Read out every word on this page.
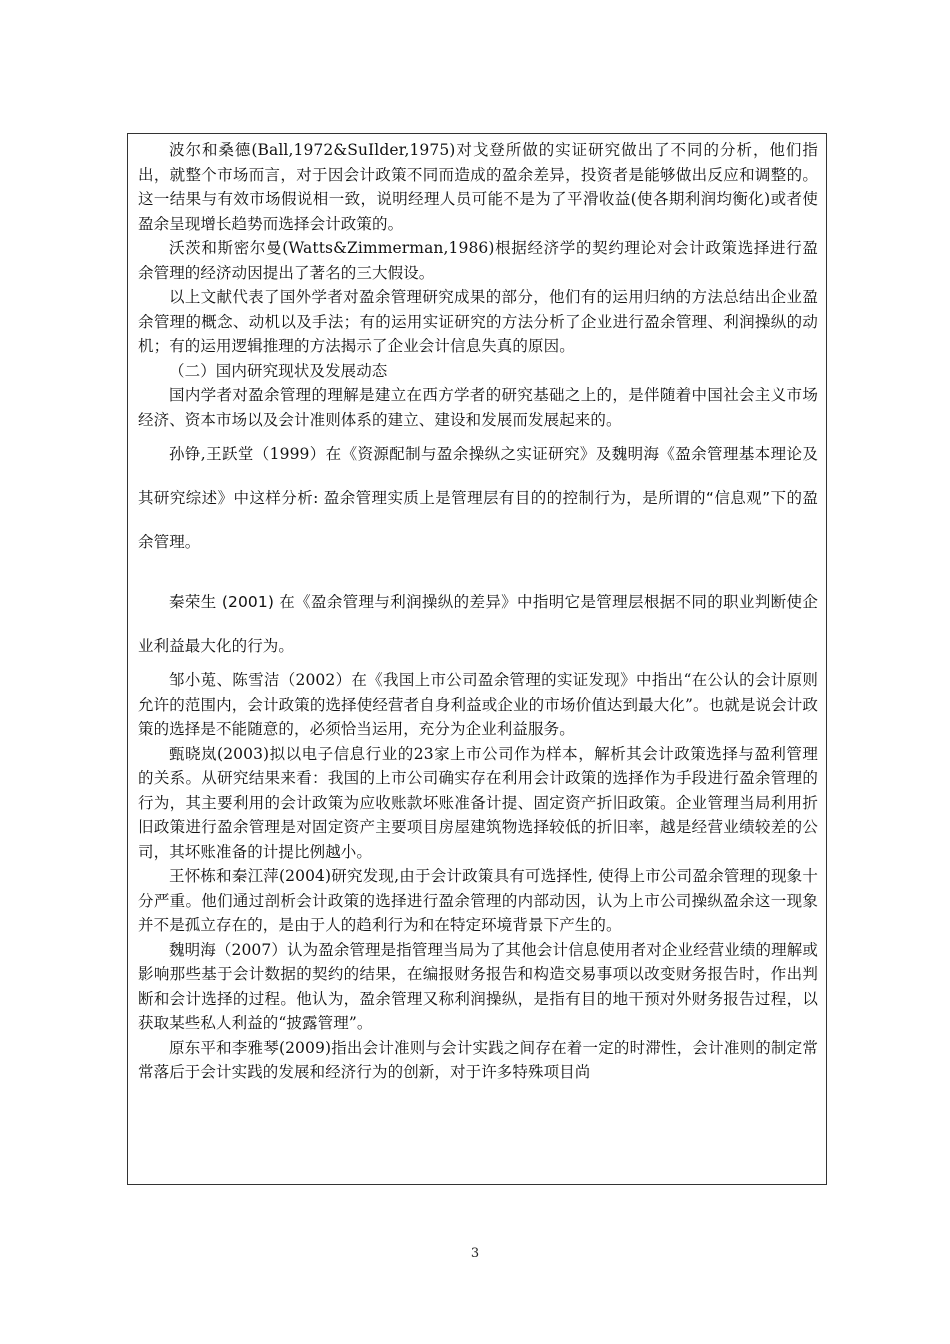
波尔和桑德(Ball,1972&SuIlder,1975)对戈登所做的实证研究做出了不同的分析，他们指出，就整个市场而言，对于因会计政策不同而造成的盈余差异，投资者是能够做出反应和调整的。这一结果与有效市场假说相一致，说明经理人员可能不是为了平滑收益(使各期利润均衡化)或者使盈余呈现增长趋势而选择会计政策的。

沃茨和斯密尔曼(Watts&Zimmerman,1986)根据经济学的契约理论对会计政策选择进行盈余管理的经济动因提出了著名的三大假设。

以上文献代表了国外学者对盈余管理研究成果的部分，他们有的运用归纳的方法总结出企业盈余管理的概念、动机以及手法；有的运用实证研究的方法分析了企业进行盈余管理、利润操纵的动机；有的运用逻辑推理的方法揭示了企业会计信息失真的原因。

（二）国内研究现状及发展动态

国内学者对盈余管理的理解是建立在西方学者的研究基础之上的，是伴随着中国社会主义市场经济、资本市场以及会计准则体系的建立、建设和发展而发展起来的。

孙铮,王跃堂（1999）在《资源配制与盈余操纵之实证研究》及魏明海《盈余管理基本理论及其研究综述》中这样分析: 盈余管理实质上是管理层有目的的控制行为，是所谓的“信息观”下的盈余管理。

秦荣生 (2001) 在《盈余管理与利润操纵的差异》中指明它是管理层根据不同的职业判断使企业利益最大化的行为。

邹小莵、陈雪洁（2002）在《我国上市公司盈余管理的实证发现》中指出“在公认的会计原则允许的范围内，会计政策的选择使经营者自身利益或企业的市场价值达到最大化”。也就是说会计政策的选择是不能随意的，必须恰当运用，充分为企业利益服务。

甄晓岚(2003)拟以电子信息行业的23家上市公司作为样本，解析其会计政策选择与盈利管理的关系。从研究结果来看：我国的上市公司确实存在利用会计政策的选择作为手段进行盈余管理的行为，其主要利用的会计政策为应收账款坏账准备计提、固定资产折旧政策。企业管理当局利用折旧政策进行盈余管理是对固定资产主要项目房屋建筑物选择较低的折旧率，越是经营业绩较差的公司，其坏账准备的计提比例越小。

王怀栋和秦江萍(2004)研究发现,由于会计政策具有可选择性, 使得上市公司盈余管理的现象十分严重。他们通过剖析会计政策的选择进行盈余管理的内部动因，认为上市公司操纵盈余这一现象并不是孤立存在的，是由于人的趋利行为和在特定环境背景下产生的。

魏明海（2007）认为盈余管理是指管理当局为了其他会计信息使用者对企业经营业绩的理解或影响那些基于会计数据的契约的结果，在编报财务报告和构造交易事项以改变财务报告时，作出判断和会计选择的过程。他认为，盈余管理又称利润操纵，是指有目的地干预对外财务报告过程，以获取某些私人利益的“披露管理”。

原东平和李雅琴(2009)指出会计准则与会计实践之间存在着一定的时滞性，会计准则的制定常常落后于会计实践的发展和经济行为的创新，对于许多特殊项目尚

3
